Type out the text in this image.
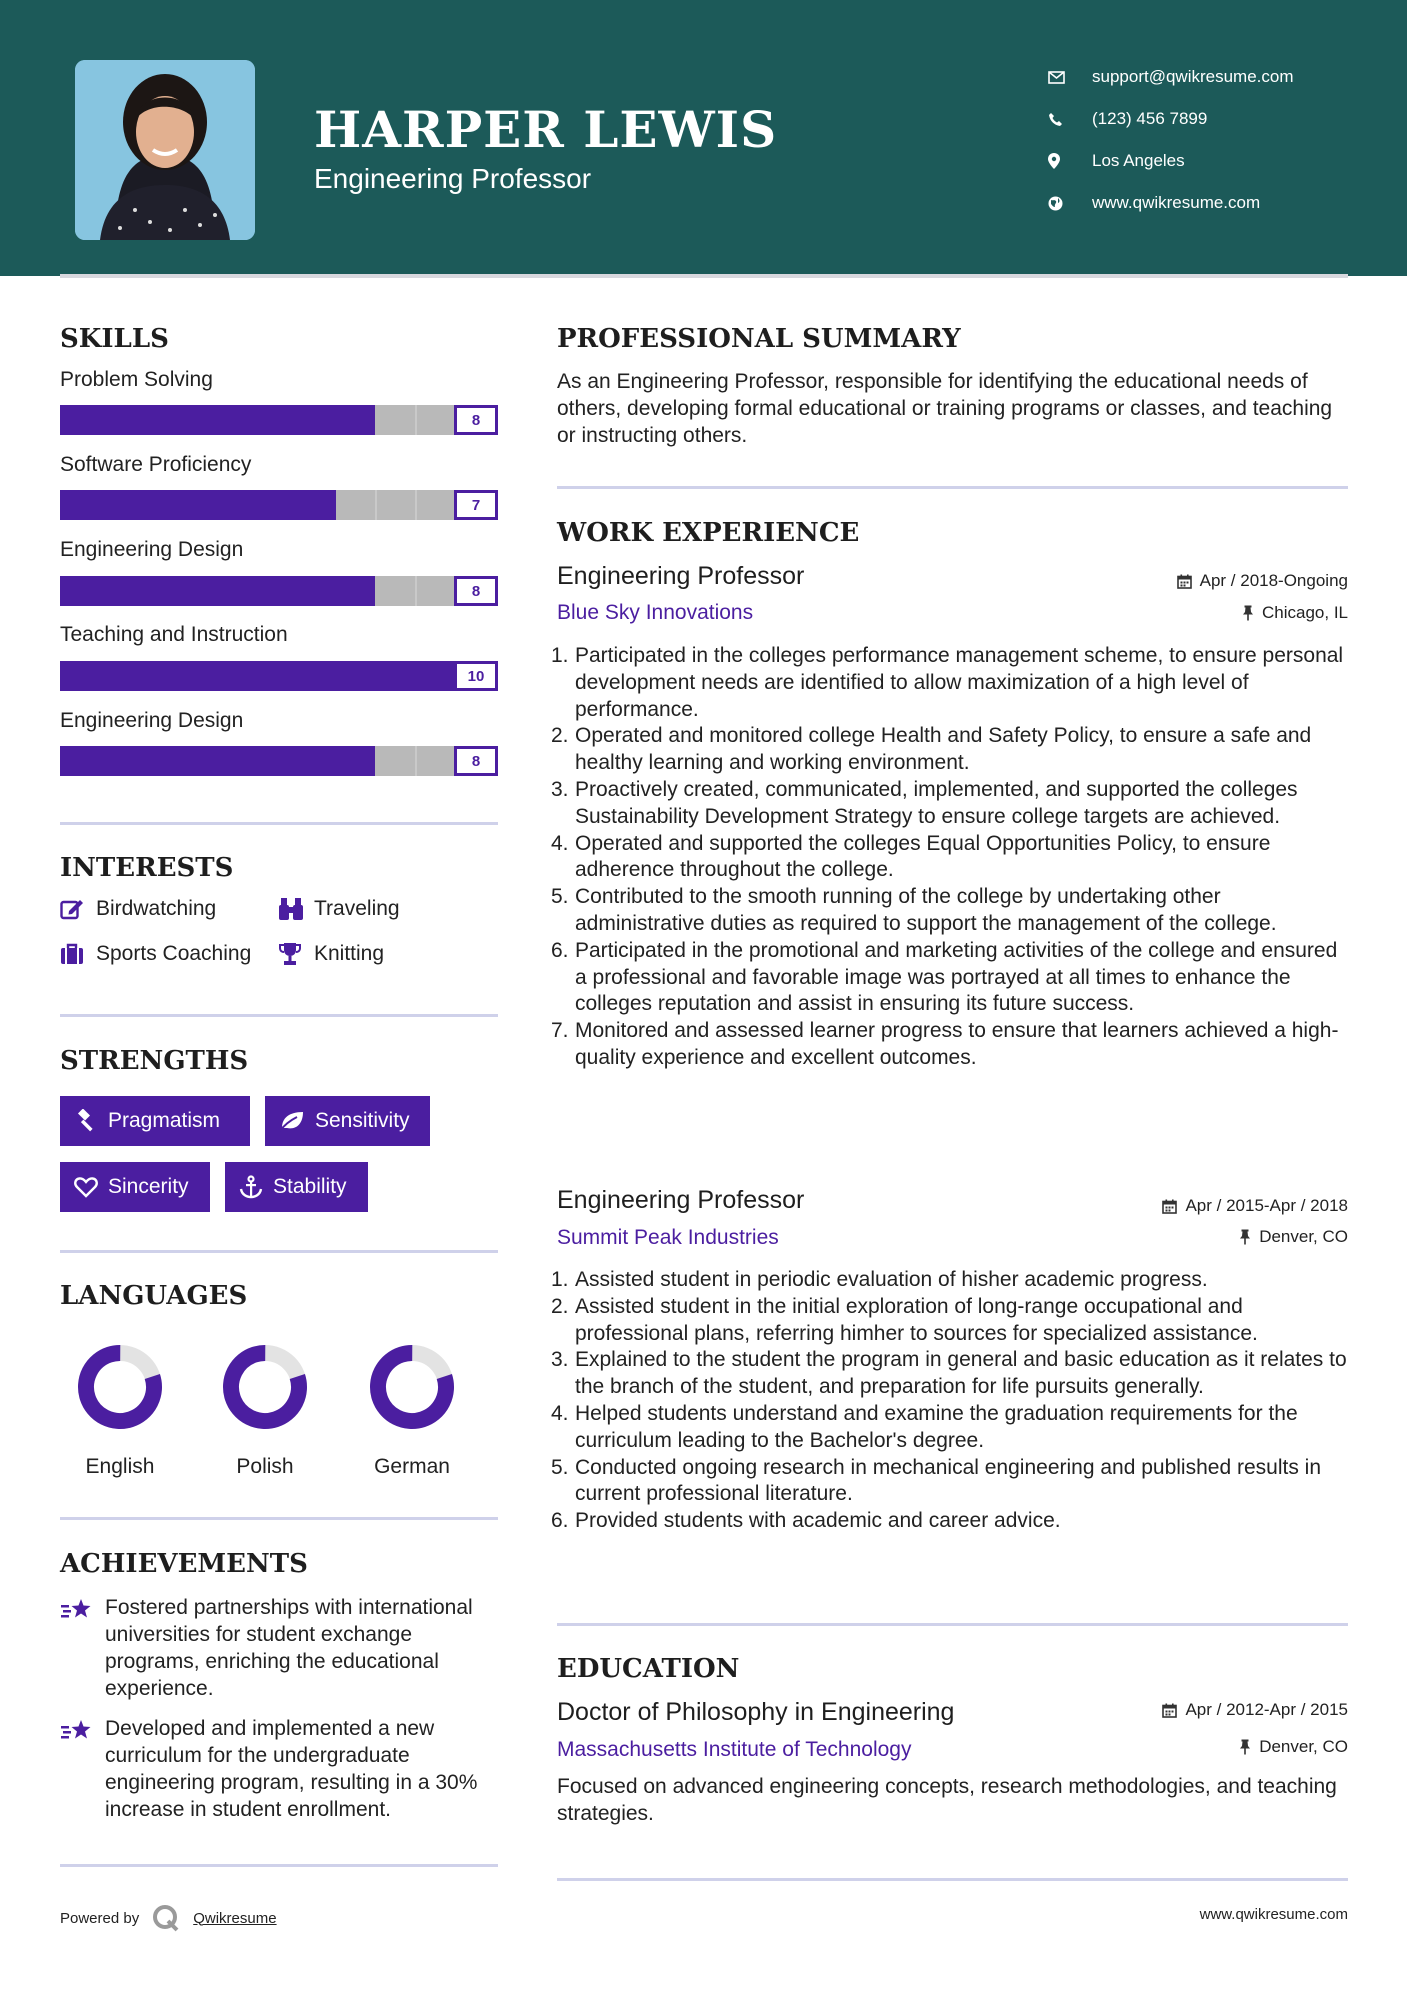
HARPER LEWIS
Engineering Professor
support@qwikresume.com
(123) 456 7899
Los Angeles
www.qwikresume.com
SKILLS
Problem Solving
8
Software Proficiency
7
Engineering Design
8
Teaching and Instruction
10
Engineering Design
8
INTERESTS
Birdwatching	Traveling
Sports Coaching	Knitting
STRENGTHS
Pragmatism	Sensitivity
Sincerity	Stability
LANGUAGES
English	Polish	German
ACHIEVEMENTS
Fostered partnerships with international universities for student exchange programs, enriching the educational experience.
Developed and implemented a new curriculum for the undergraduate engineering program, resulting in a 30% increase in student enrollment.
Powered by	Qwikresume	www.qwikresume.com
PROFESSIONAL SUMMARY
As an Engineering Professor, responsible for identifying the educational needs of others, developing formal educational or training programs or classes, and teaching or instructing others.
WORK EXPERIENCE
Engineering Professor
Blue Sky Innovations
Apr / 2018-Ongoing
Chicago, IL
1. Participated in the colleges performance management scheme, to ensure personal development needs are identified to allow maximization of a high level of performance.
2. Operated and monitored college Health and Safety Policy, to ensure a safe and healthy learning and working environment.
3. Proactively created, communicated, implemented, and supported the colleges Sustainability Development Strategy to ensure college targets are achieved.
4. Operated and supported the colleges Equal Opportunities Policy, to ensure adherence throughout the college.
5. Contributed to the smooth running of the college by undertaking other administrative duties as required to support the management of the college.
6. Participated in the promotional and marketing activities of the college and ensured a professional and favorable image was portrayed at all times to enhance the colleges reputation and assist in ensuring its future success.
7. Monitored and assessed learner progress to ensure that learners achieved a high-quality experience and excellent outcomes.
Engineering Professor
Summit Peak Industries
Apr / 2015-Apr / 2018
Denver, CO
1. Assisted student in periodic evaluation of hisher academic progress.
2. Assisted student in the initial exploration of long-range occupational and professional plans, referring himher to sources for specialized assistance.
3. Explained to the student the program in general and basic education as it relates to the branch of the student, and preparation for life pursuits generally.
4. Helped students understand and examine the graduation requirements for the curriculum leading to the Bachelor's degree.
5. Conducted ongoing research in mechanical engineering and published results in current professional literature.
6. Provided students with academic and career advice.
EDUCATION
Doctor of Philosophy in Engineering
Massachusetts Institute of Technology
Apr / 2012-Apr / 2015
Denver, CO
Focused on advanced engineering concepts, research methodologies, and teaching strategies.
